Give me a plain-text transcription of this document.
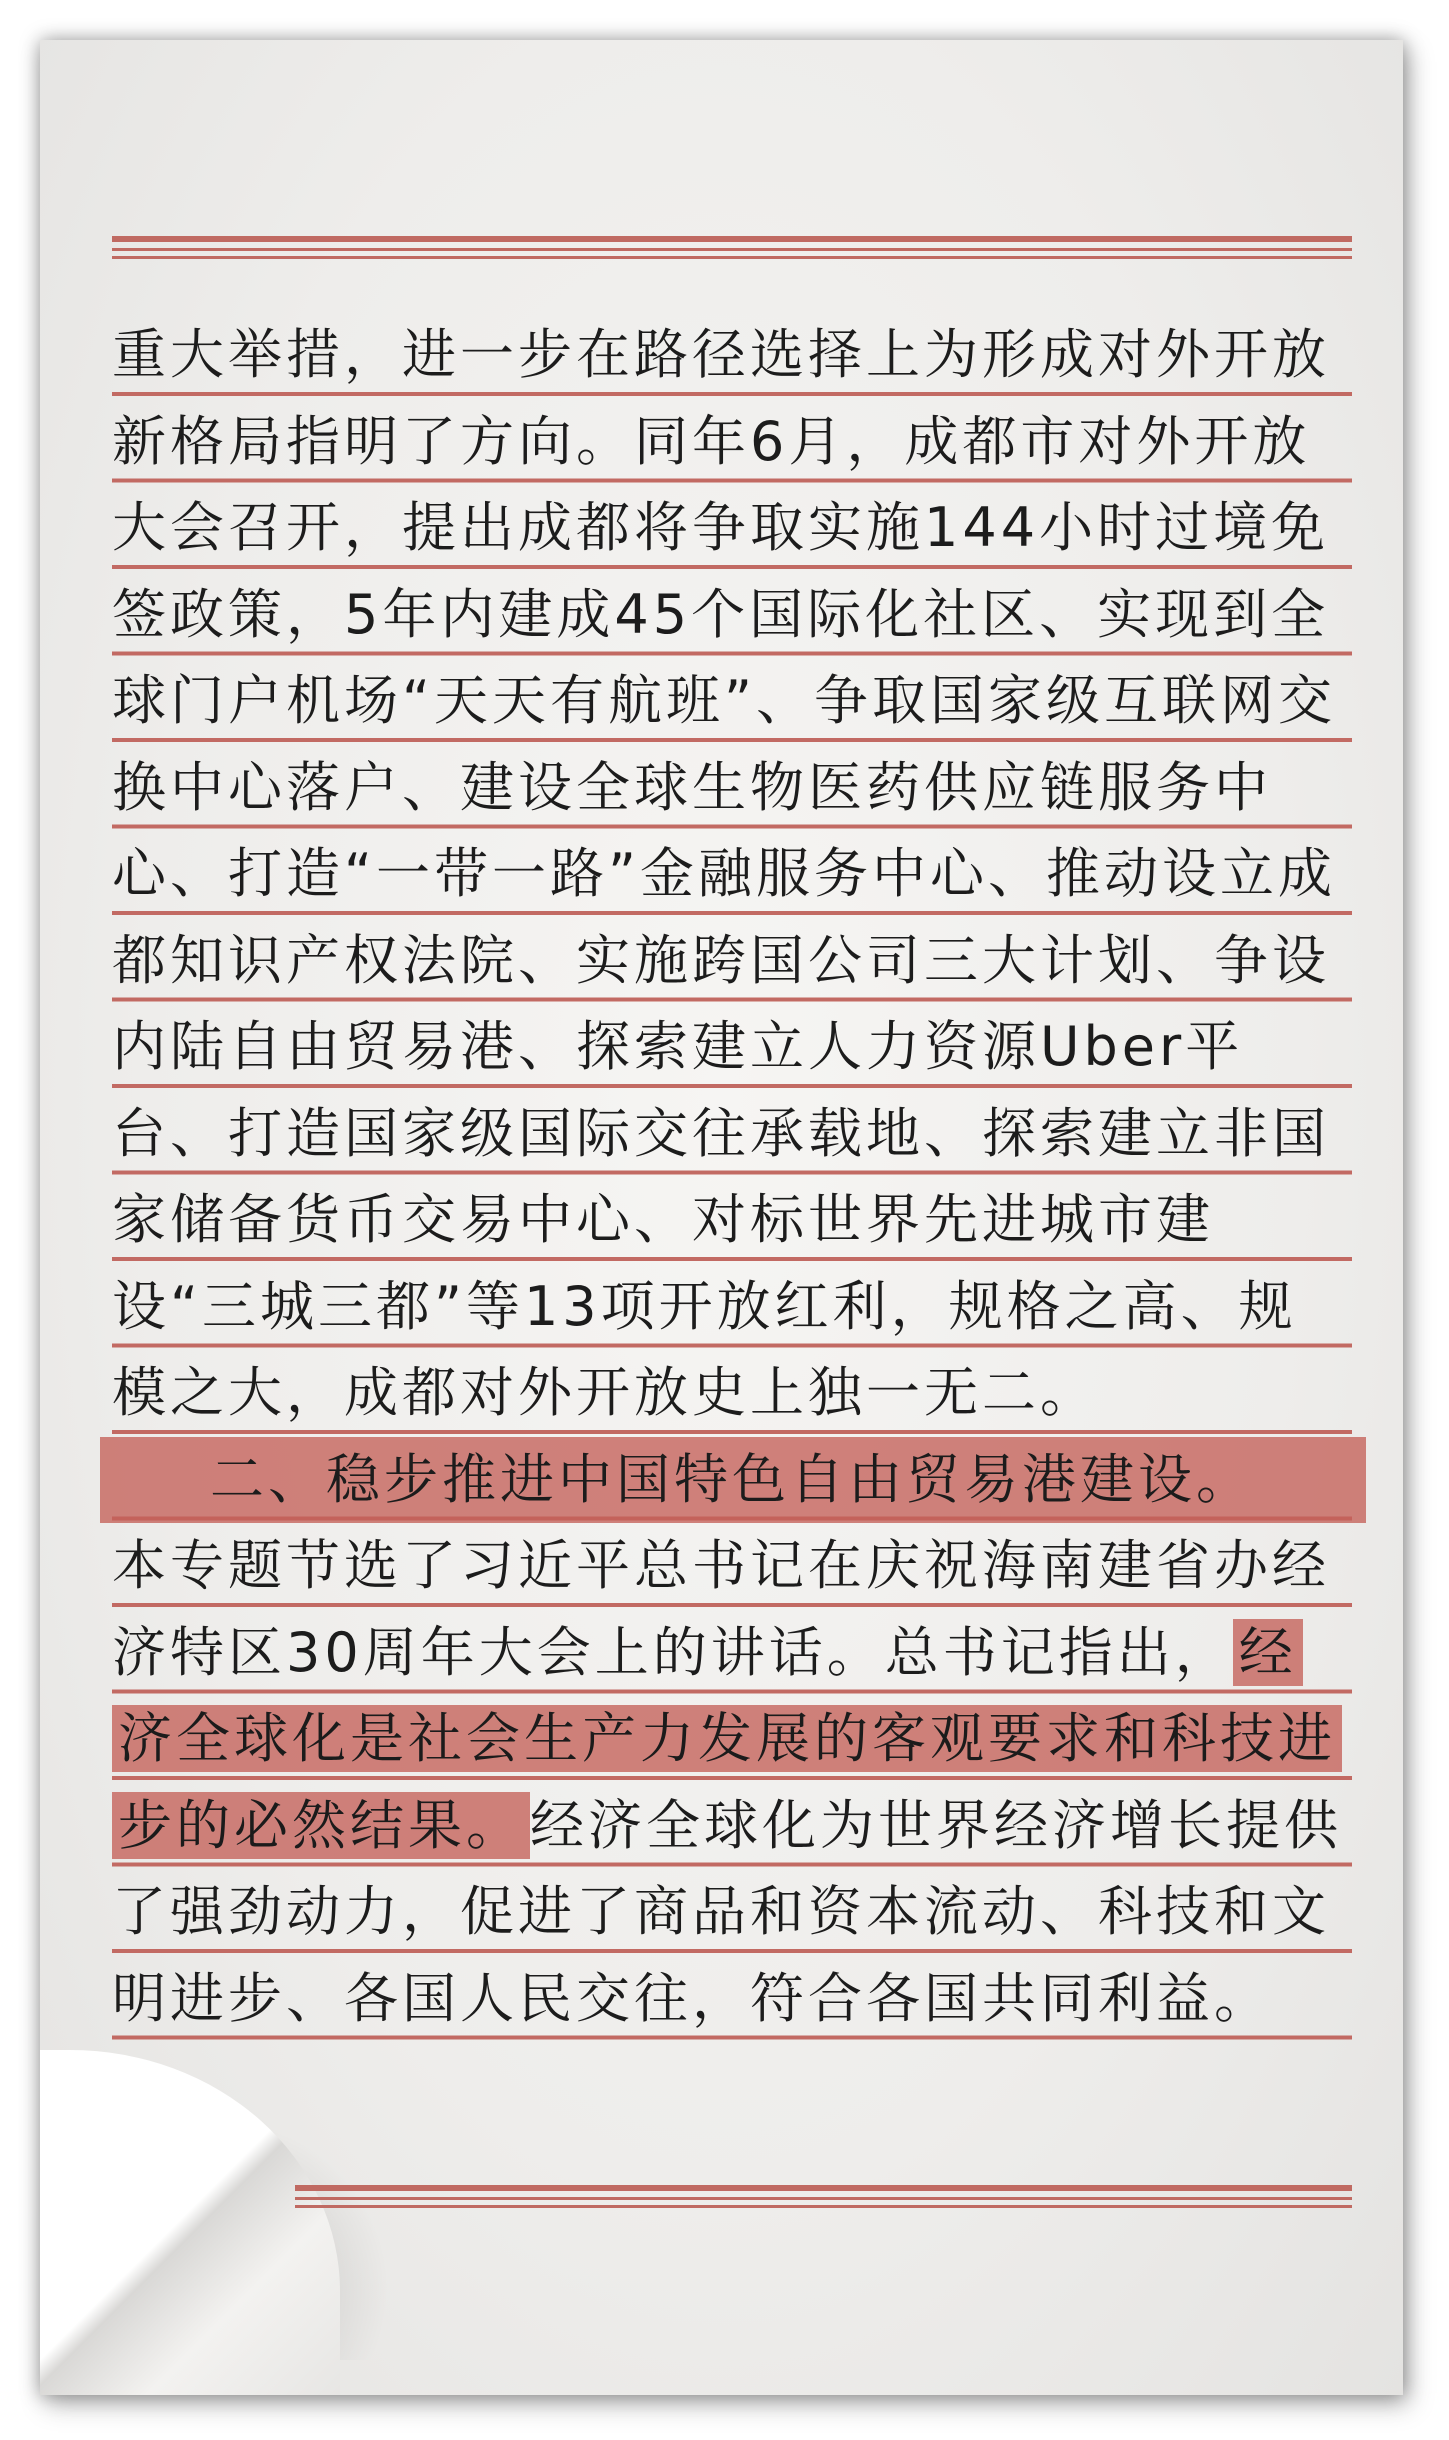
重大举措，进一步在路径选择上为形成对外开放新格局指明了方向。同年6月，成都市对外开放大会召开，提出成都将争取实施144小时过境免签政策，5年内建成45个国际化社区、实现到全球门户机场“天天有航班”、争取国家级互联网交换中心落户、建设全球生物医药供应链服务中心、打造“一带一路”金融服务中心、推动设立成都知识产权法院、实施跨国公司三大计划、争设内陆自由贸易港、探索建立人力资源Uber平台、打造国家级国际交往承载地、探索建立非国家储备货币交易中心、对标世界先进城市建设“三城三都”等13项开放红利，规格之高、规模之大，成都对外开放史上独一无二。

二、稳步推进中国特色自由贸易港建设。

本专题节选了习近平总书记在庆祝海南建省办经济特区30周年大会上的讲话。总书记指出， 经济全球化是社会生产力发展的客观要求和科技进步的必然结果。 经济全球化为世界经济增长提供了强劲动力，促进了商品和资本流动、科技和文明进步、各国人民交往，符合各国共同利益。
